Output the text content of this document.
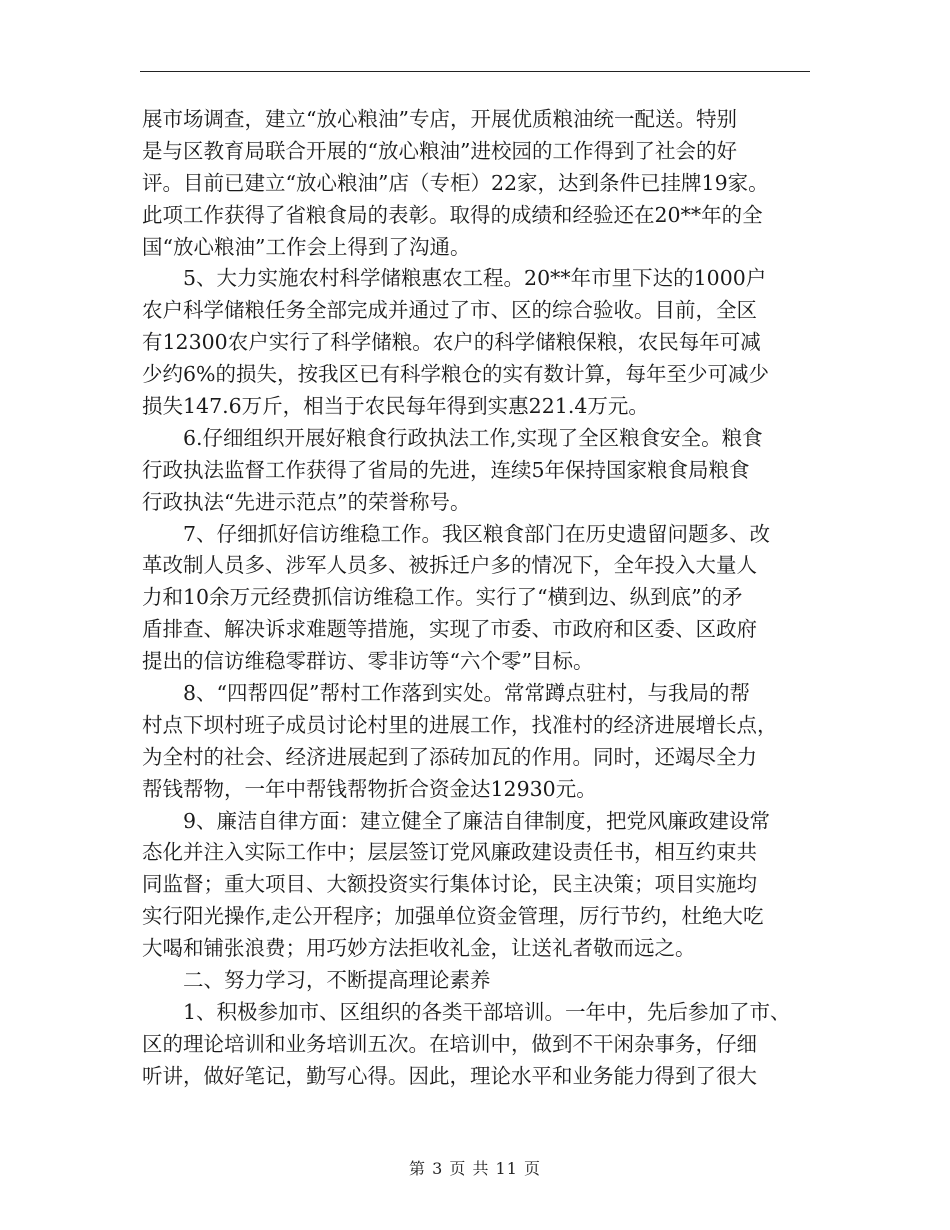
展市场调查，建立“放心粮油”专店，开展优质粮油统一配送。特别
是与区教育局联合开展的“放心粮油”进校园的工作得到了社会的好
评。目前已建立“放心粮油”店（专柜）22家，达到条件已挂牌19家。
此项工作获得了省粮食局的表彰。取得的成绩和经验还在20**年的全
国“放心粮油”工作会上得到了沟通。
5、大力实施农村科学储粮惠农工程。20**年市里下达的1000户
农户科学储粮任务全部完成并通过了市、区的综合验收。目前，全区
有12300农户实行了科学储粮。农户的科学储粮保粮，农民每年可减
少约6%的损失，按我区已有科学粮仓的实有数计算，每年至少可减少
损失147.6万斤，相当于农民每年得到实惠221.4万元。
6.仔细组织开展好粮食行政执法工作,实现了全区粮食安全。粮食
行政执法监督工作获得了省局的先进，连续5年保持国家粮食局粮食
行政执法“先进示范点”的荣誉称号。
7、仔细抓好信访维稳工作。我区粮食部门在历史遗留问题多、改
革改制人员多、涉军人员多、被拆迁户多的情况下，全年投入大量人
力和10余万元经费抓信访维稳工作。实行了“横到边、纵到底”的矛
盾排查、解决诉求难题等措施，实现了市委、市政府和区委、区政府
提出的信访维稳零群访、零非访等“六个零”目标。
8、“四帮四促”帮村工作落到实处。常常蹲点驻村，与我局的帮
村点下坝村班子成员讨论村里的进展工作，找准村的经济进展增长点，
为全村的社会、经济进展起到了添砖加瓦的作用。同时，还竭尽全力
帮钱帮物，一年中帮钱帮物折合资金达12930元。
9、廉洁自律方面：建立健全了廉洁自律制度，把党风廉政建设常
态化并注入实际工作中；层层签订党风廉政建设责任书，相互约束共
同监督；重大项目、大额投资实行集体讨论，民主决策；项目实施均
实行阳光操作,走公开程序；加强单位资金管理，厉行节约，杜绝大吃
大喝和铺张浪费；用巧妙方法拒收礼金，让送礼者敬而远之。
二、努力学习，不断提高理论素养
1、积极参加市、区组织的各类干部培训。一年中，先后参加了市、
区的理论培训和业务培训五次。在培训中，做到不干闲杂事务，仔细
听讲，做好笔记，勤写心得。因此，理论水平和业务能力得到了很大
第 3 页 共 11 页
